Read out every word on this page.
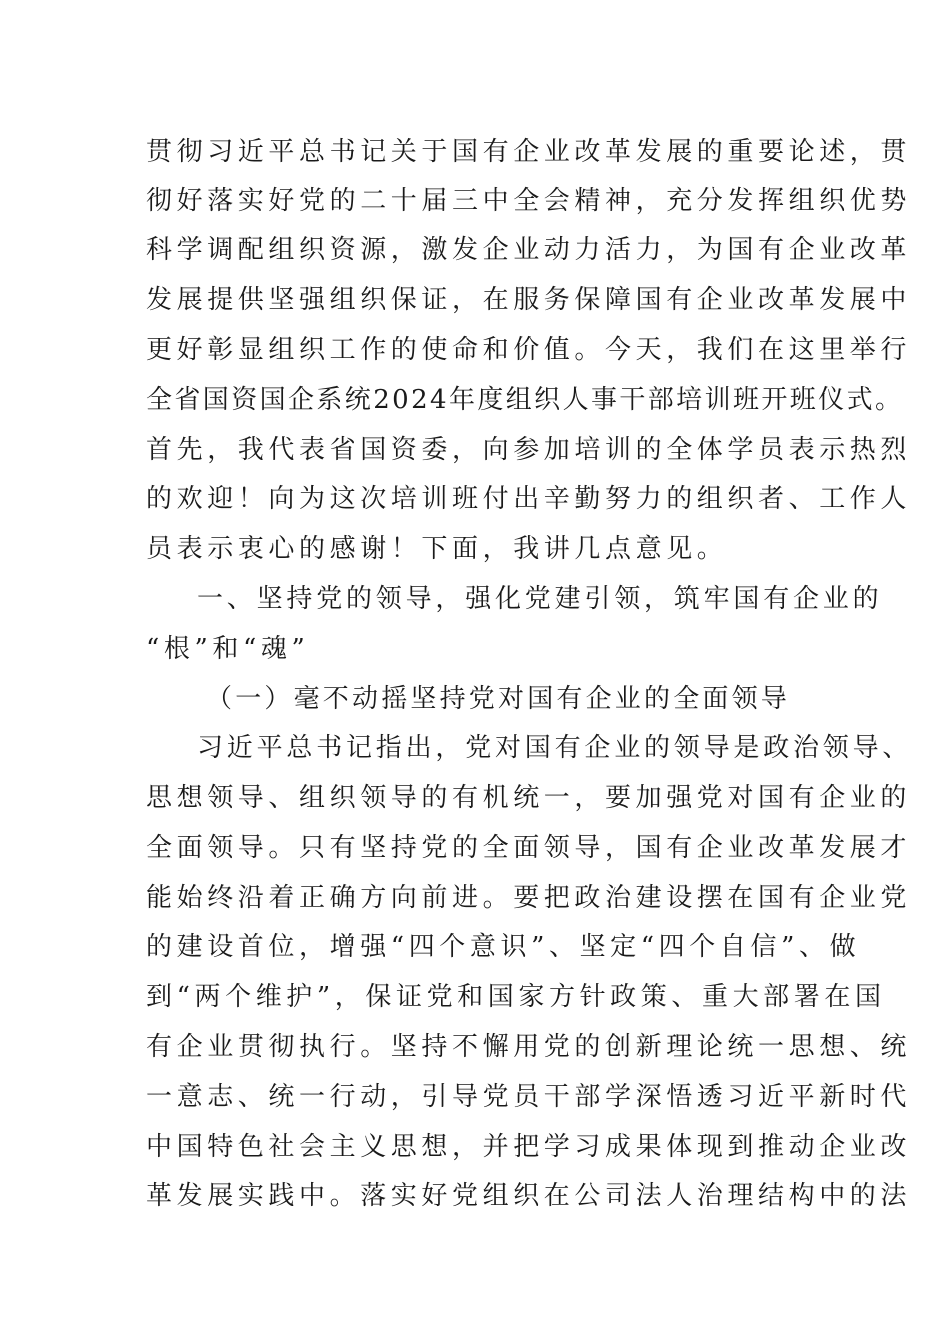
贯彻习近平总书记关于国有企业改革发展的重要论述，贯
彻好落实好党的二十届三中全会精神，充分发挥组织优势
科学调配组织资源，激发企业动力活力，为国有企业改革
发展提供坚强组织保证，在服务保障国有企业改革发展中
更好彰显组织工作的使命和价值。今天，我们在这里举行
全省国资国企系统2024年度组织人事干部培训班开班仪式。
首先，我代表省国资委，向参加培训的全体学员表示热烈
的欢迎！向为这次培训班付出辛勤努力的组织者、工作人
员表示衷心的感谢！下面，我讲几点意见。
一、坚持党的领导，强化党建引领，筑牢国有企业的
“根”和“魂”
（一）毫不动摇坚持党对国有企业的全面领导
习近平总书记指出，党对国有企业的领导是政治领导、
思想领导、组织领导的有机统一，要加强党对国有企业的
全面领导。只有坚持党的全面领导，国有企业改革发展才
能始终沿着正确方向前进。要把政治建设摆在国有企业党
的建设首位，增强“四个意识”、坚定“四个自信”、做
到“两个维护”，保证党和国家方针政策、重大部署在国
有企业贯彻执行。坚持不懈用党的创新理论统一思想、统
一意志、统一行动，引导党员干部学深悟透习近平新时代
中国特色社会主义思想，并把学习成果体现到推动企业改
革发展实践中。落实好党组织在公司法人治理结构中的法
